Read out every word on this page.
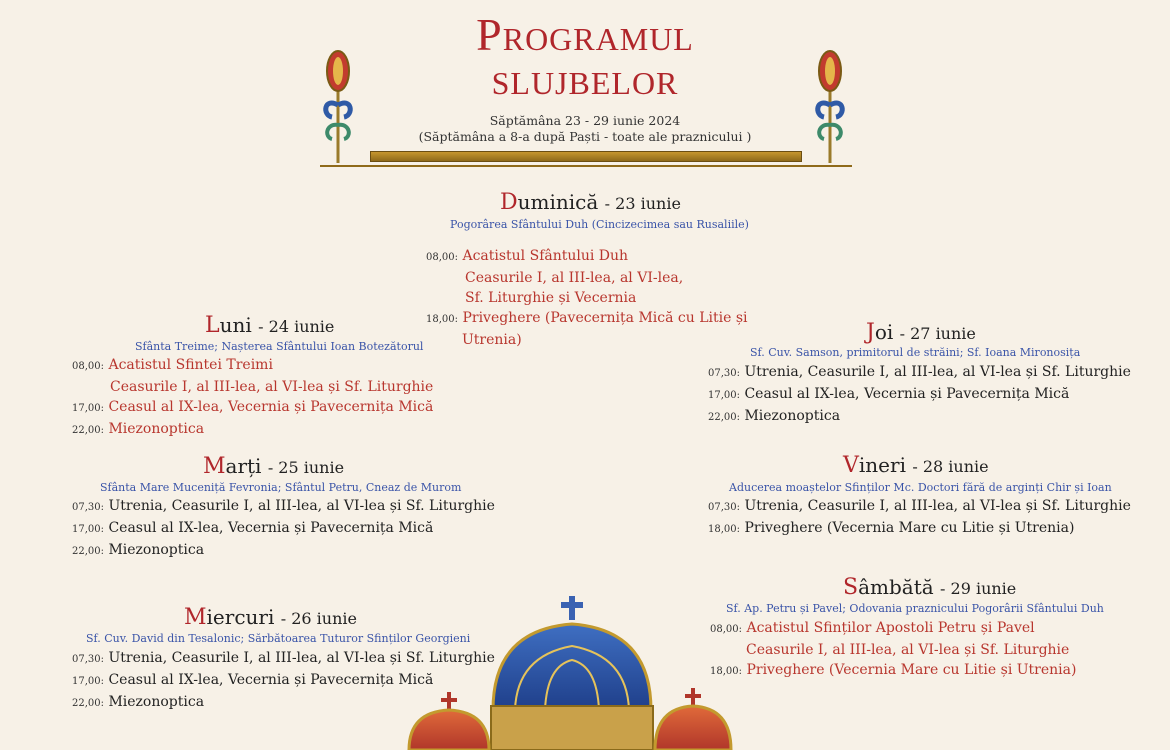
Programul
slujbelor
Săptămâna 23 - 29 iunie 2024
(Săptămâna a 8-a după Paști - toate ale praznicului )
Duminică - 23 iunie
Pogorârea Sfântului Duh (Cincizecimea sau Rusaliile)
08,00: Acatistul Sfântului Duh
Ceasurile I, al III-lea, al VI-lea,
Sf. Liturghie și Vecernia
18,00: Priveghere (Pavecernița Mică cu Litie și
Utrenia)
Luni - 24 iunie
Sfânta Treime; Nașterea Sfântului Ioan Botezătorul
08,00: Acatistul Sfintei Treimi
Ceasurile I, al III-lea, al VI-lea și Sf. Liturghie
17,00: Ceasul al IX-lea, Vecernia și Pavecernița Mică
22,00: Miezonoptica
Marți - 25 iunie
Sfânta Mare Muceniță Fevronia; Sfântul Petru, Cneaz de Murom
07,30: Utrenia, Ceasurile I, al III-lea, al VI-lea și Sf. Liturghie
17,00: Ceasul al IX-lea, Vecernia și Pavecernița Mică
22,00: Miezonoptica
Miercuri - 26 iunie
Sf. Cuv. David din Tesalonic; Sărbătoarea Tuturor Sfinților Georgieni
07,30: Utrenia, Ceasurile I, al III-lea, al VI-lea și Sf. Liturghie
17,00: Ceasul al IX-lea, Vecernia și Pavecernița Mică
22,00: Miezonoptica
Joi - 27 iunie
Sf. Cuv. Samson, primitorul de străini; Sf. Ioana Mironosița
07,30: Utrenia, Ceasurile I, al III-lea, al VI-lea și Sf. Liturghie
17,00: Ceasul al IX-lea, Vecernia și Pavecernița Mică
22,00: Miezonoptica
Vineri - 28 iunie
Aducerea moaștelor Sfinților Mc. Doctori fără de arginți Chir și Ioan
07,30: Utrenia, Ceasurile I, al III-lea, al VI-lea și Sf. Liturghie
18,00: Priveghere (Vecernia Mare cu Litie și Utrenia)
Sâmbătă - 29 iunie
Sf. Ap. Petru și Pavel; Odovania praznicului Pogorârii Sfântului Duh
08,00: Acatistul Sfinților Apostoli Petru și Pavel
Ceasurile I, al III-lea, al VI-lea și Sf. Liturghie
18,00: Priveghere (Vecernia Mare cu Litie și Utrenia)
